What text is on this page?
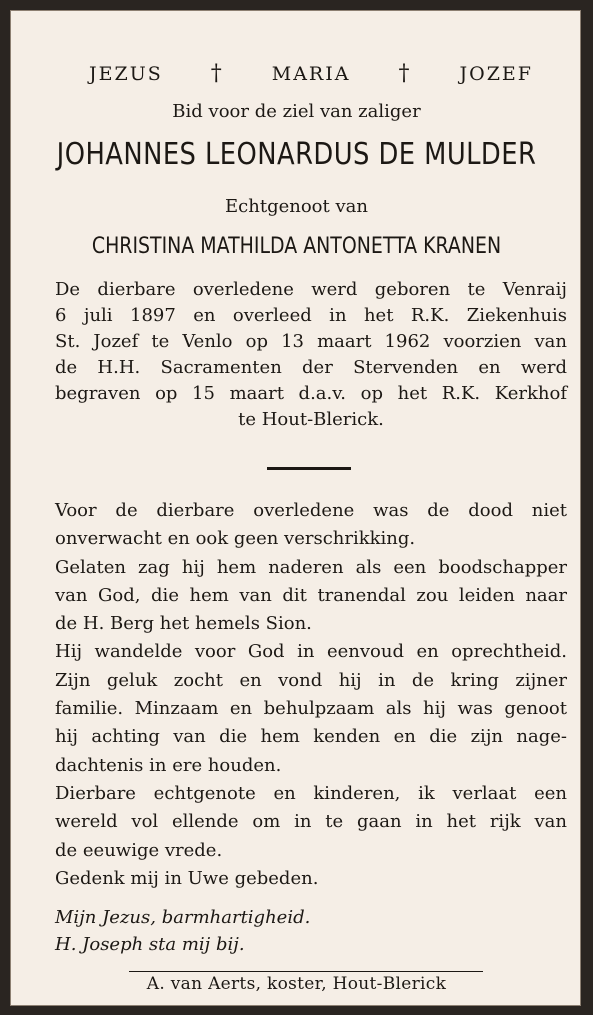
JEZUS †	MARIA †	JOZEF
Bid voor de ziel van zaliger
JOHANNES LEONARDUS DE MULDER
Echtgenoot van
CHRISTINA MATHILDA ANTONETTA KRANEN
De dierbare overledene werd geboren te Venraij
6 juli 1897 en overleed in het R.K. Ziekenhuis
St. Jozef te Venlo op 13 maart 1962 voorzien van
de H.H. Sacramenten der Stervenden en werd
begraven op 15 maart d.a.v. op het R.K. Kerkhof
te Hout-Blerick.
Voor de dierbare overledene was de dood niet
onverwacht en ook geen verschrikking.
Gelaten zag hij hem naderen als een boodschapper
van God, die hem van dit tranendal zou leiden naar
de H. Berg het hemels Sion.
Hij wandelde voor God in eenvoud en oprechtheid.
Zijn geluk zocht en vond hij in de kring zijner
familie. Minzaam en behulpzaam als hij was genoot
hij achting van die hem kenden en die zijn nage-
dachtenis in ere houden.
Dierbare echtgenote en kinderen, ik verlaat een
wereld vol ellende om in te gaan in het rijk van
de eeuwige vrede.
Gedenk mij in Uwe gebeden.
Mijn Jezus, barmhartigheid.
H. Joseph sta mij bij.
A. van Aerts, koster, Hout-Blerick
